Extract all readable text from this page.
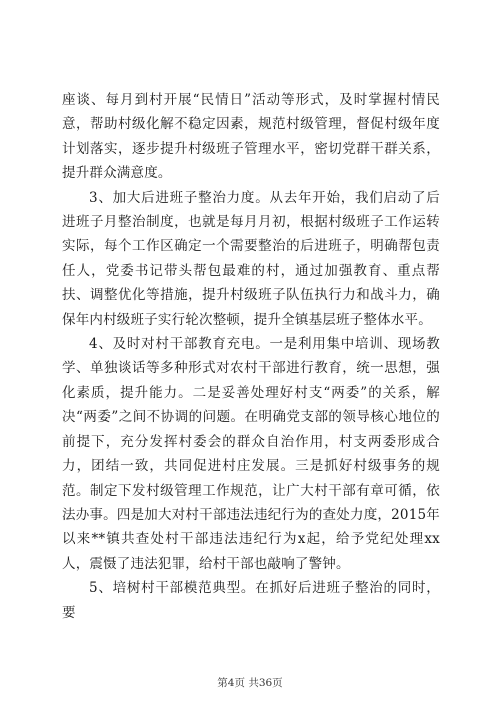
座谈、每月到村开展“民情日”活动等形式，及时掌握村情民意，帮助村级化解不稳定因素，规范村级管理，督促村级年度计划落实，逐步提升村级班子管理水平，密切党群干群关系，提升群众满意度。

3、加大后进班子整治力度。从去年开始，我们启动了后进班子月整治制度，也就是每月月初，根据村级班子工作运转实际，每个工作区确定一个需要整治的后进班子，明确帮包责任人，党委书记带头帮包最难的村，通过加强教育、重点帮扶、调整优化等措施，提升村级班子队伍执行力和战斗力，确保年内村级班子实行轮次整顿，提升全镇基层班子整体水平。

4、及时对村干部教育充电。一是利用集中培训、现场教学、单独谈话等多种形式对农村干部进行教育，统一思想，强化素质，提升能力。二是妥善处理好村支“两委”的关系，解决“两委”之间不协调的问题。在明确党支部的领导核心地位的前提下，充分发挥村委会的群众自治作用，村支两委形成合力，团结一致，共同促进村庄发展。三是抓好村级事务的规范。制定下发村级管理工作规范，让广大村干部有章可循，依法办事。四是加大对村干部违法违纪行为的查处力度，2015年以来**镇共查处村干部违法违纪行为x起，给予党纪处理xx人，震慑了违法犯罪，给村干部也敲响了警钟。

5、培树村干部模范典型。在抓好后进班子整治的同时，要

第4页 共36页
